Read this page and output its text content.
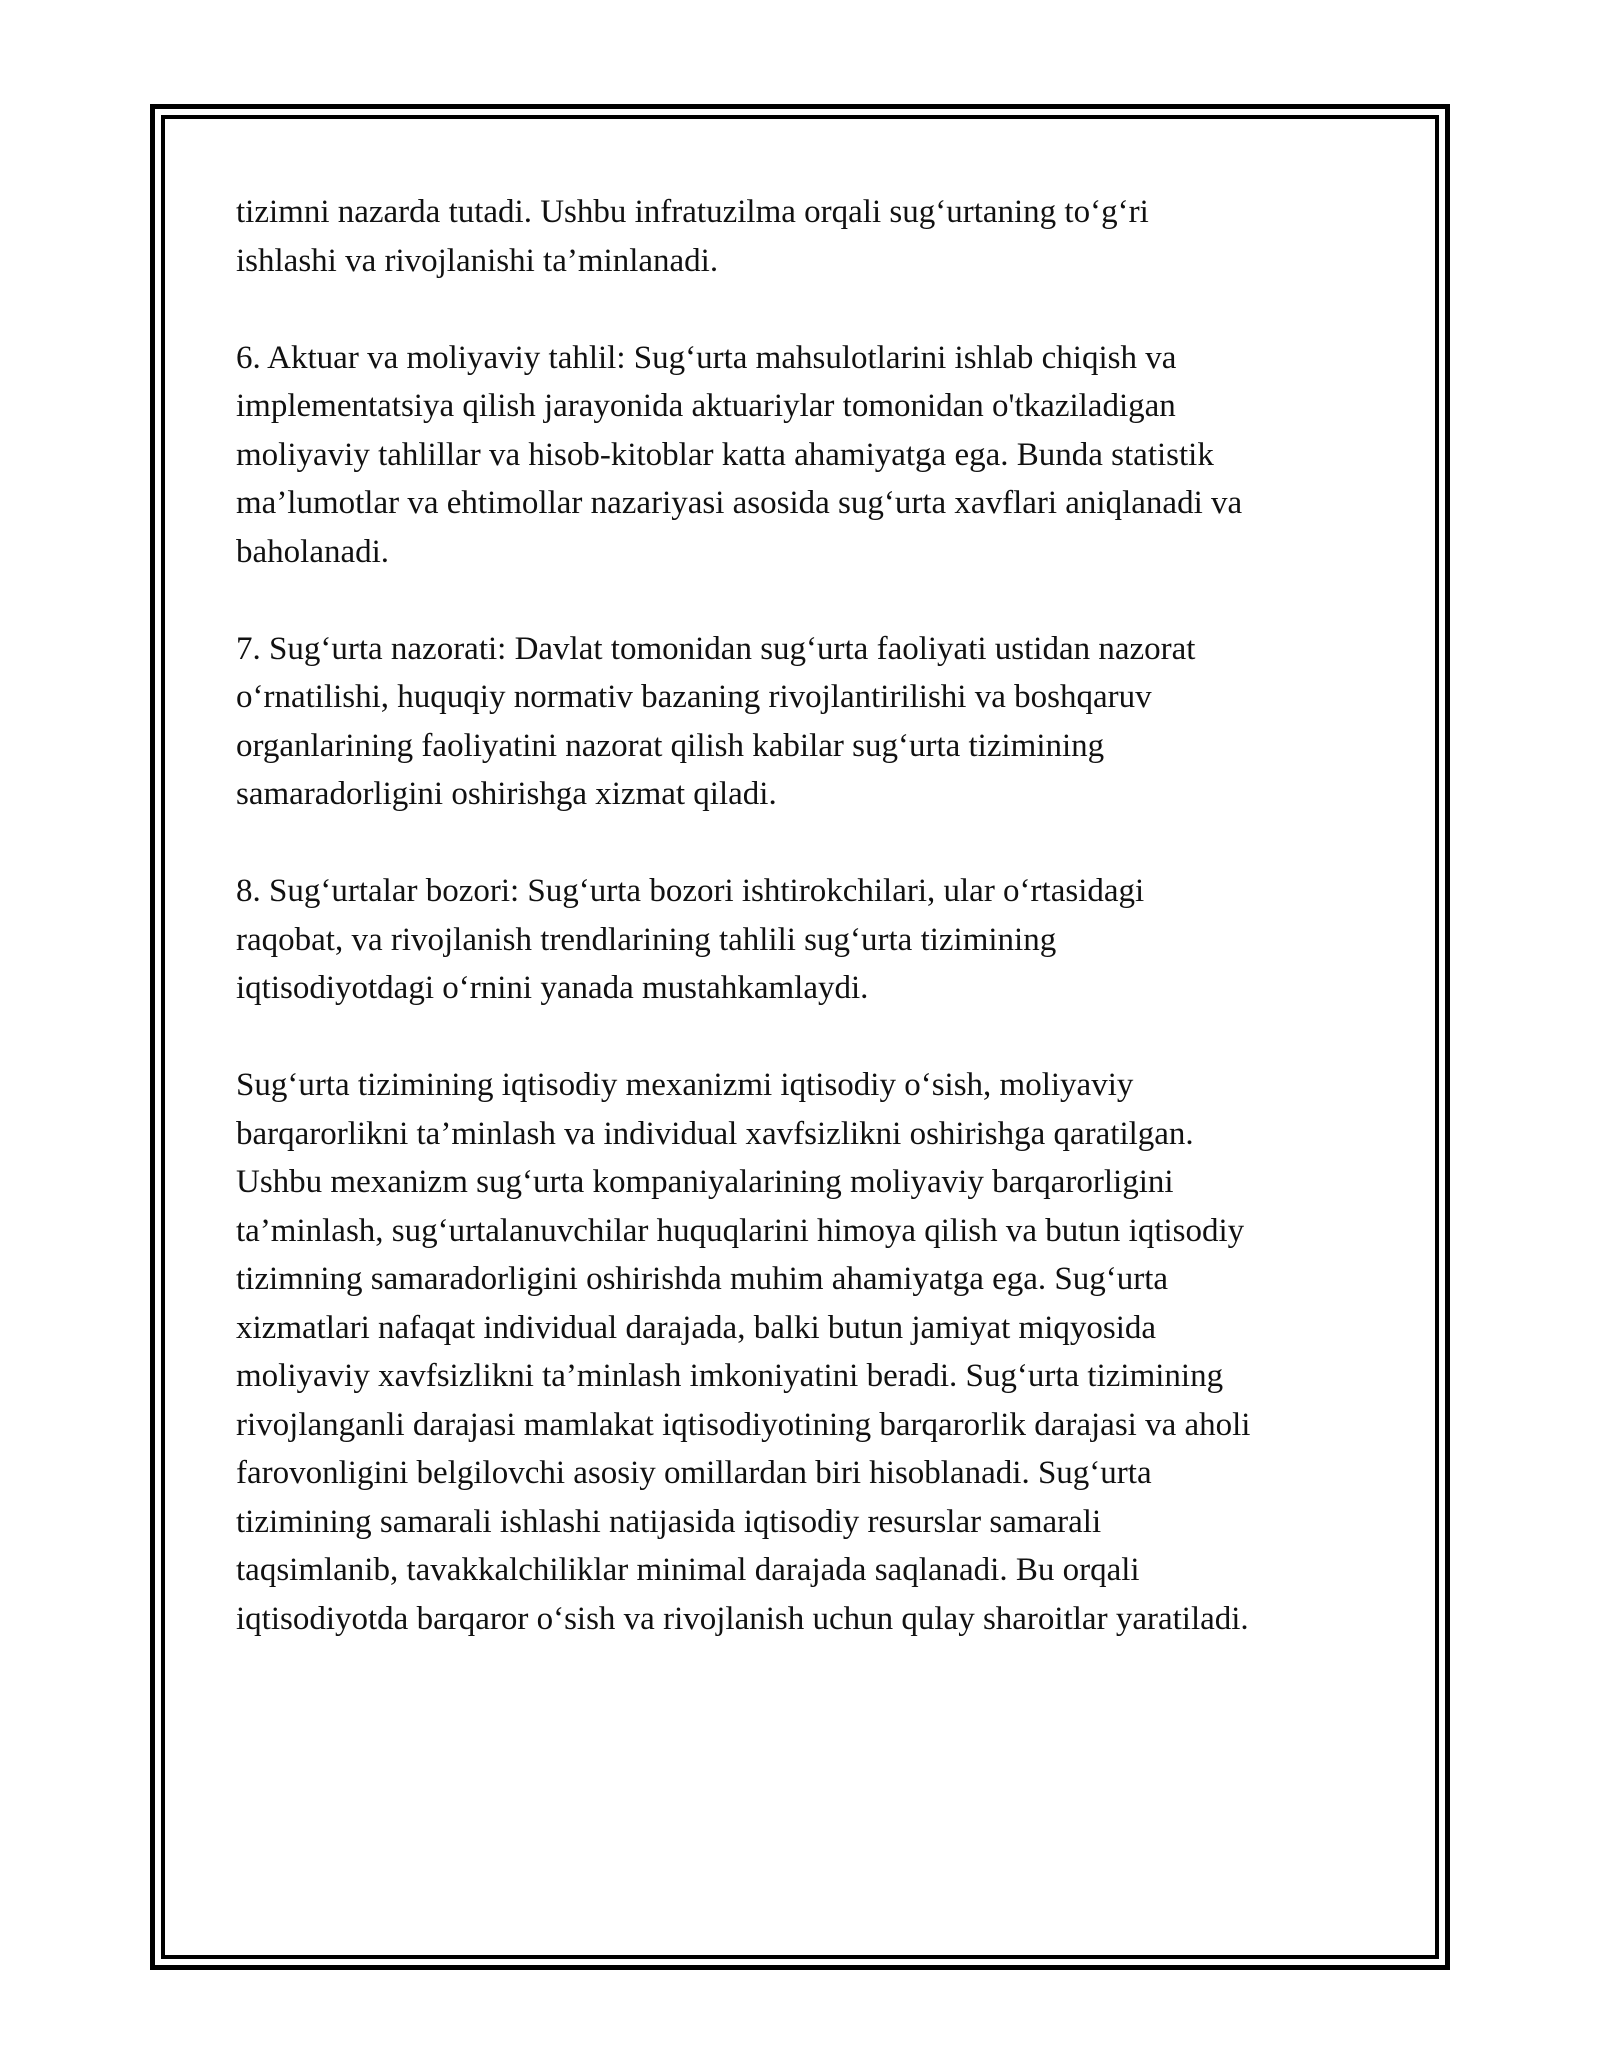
tizimni nazarda tutadi. Ushbu infratuzilma orqali sug‘urtaning to‘g‘ri
ishlashi va rivojlanishi ta’minlanadi.

6. Aktuar va moliyaviy tahlil: Sug‘urta mahsulotlarini ishlab chiqish va
implementatsiya qilish jarayonida aktuariylar tomonidan o'tkaziladigan
moliyaviy tahlillar va hisob-kitoblar katta ahamiyatga ega. Bunda statistik
ma’lumotlar va ehtimollar nazariyasi asosida sug‘urta xavflari aniqlanadi va
baholanadi.

7. Sug‘urta nazorati: Davlat tomonidan sug‘urta faoliyati ustidan nazorat
o‘rnatilishi, huquqiy normativ bazaning rivojlantirilishi va boshqaruv
organlarining faoliyatini nazorat qilish kabilar sug‘urta tizimining
samaradorligini oshirishga xizmat qiladi.

8. Sug‘urtalar bozori: Sug‘urta bozori ishtirokchilari, ular o‘rtasidagi
raqobat, va rivojlanish trendlarining tahlili sug‘urta tizimining
iqtisodiyotdagi o‘rnini yanada mustahkamlaydi.

Sug‘urta tizimining iqtisodiy mexanizmi iqtisodiy o‘sish, moliyaviy
barqarorlikni ta’minlash va individual xavfsizlikni oshirishga qaratilgan.
Ushbu mexanizm sug‘urta kompaniyalarining moliyaviy barqarorligini
ta’minlash, sug‘urtalanuvchilar huquqlarini himoya qilish va butun iqtisodiy
tizimning samaradorligini oshirishda muhim ahamiyatga ega. Sug‘urta
xizmatlari nafaqat individual darajada, balki butun jamiyat miqyosida
moliyaviy xavfsizlikni ta’minlash imkoniyatini beradi. Sug‘urta tizimining
rivojlanganli darajasi mamlakat iqtisodiyotining barqarorlik darajasi va aholi
farovonligini belgilovchi asosiy omillardan biri hisoblanadi. Sug‘urta
tizimining samarali ishlashi natijasida iqtisodiy resurslar samarali
taqsimlanib, tavakkalchiliklar minimal darajada saqlanadi. Bu orqali
iqtisodiyotda barqaror o‘sish va rivojlanish uchun qulay sharoitlar yaratiladi.
